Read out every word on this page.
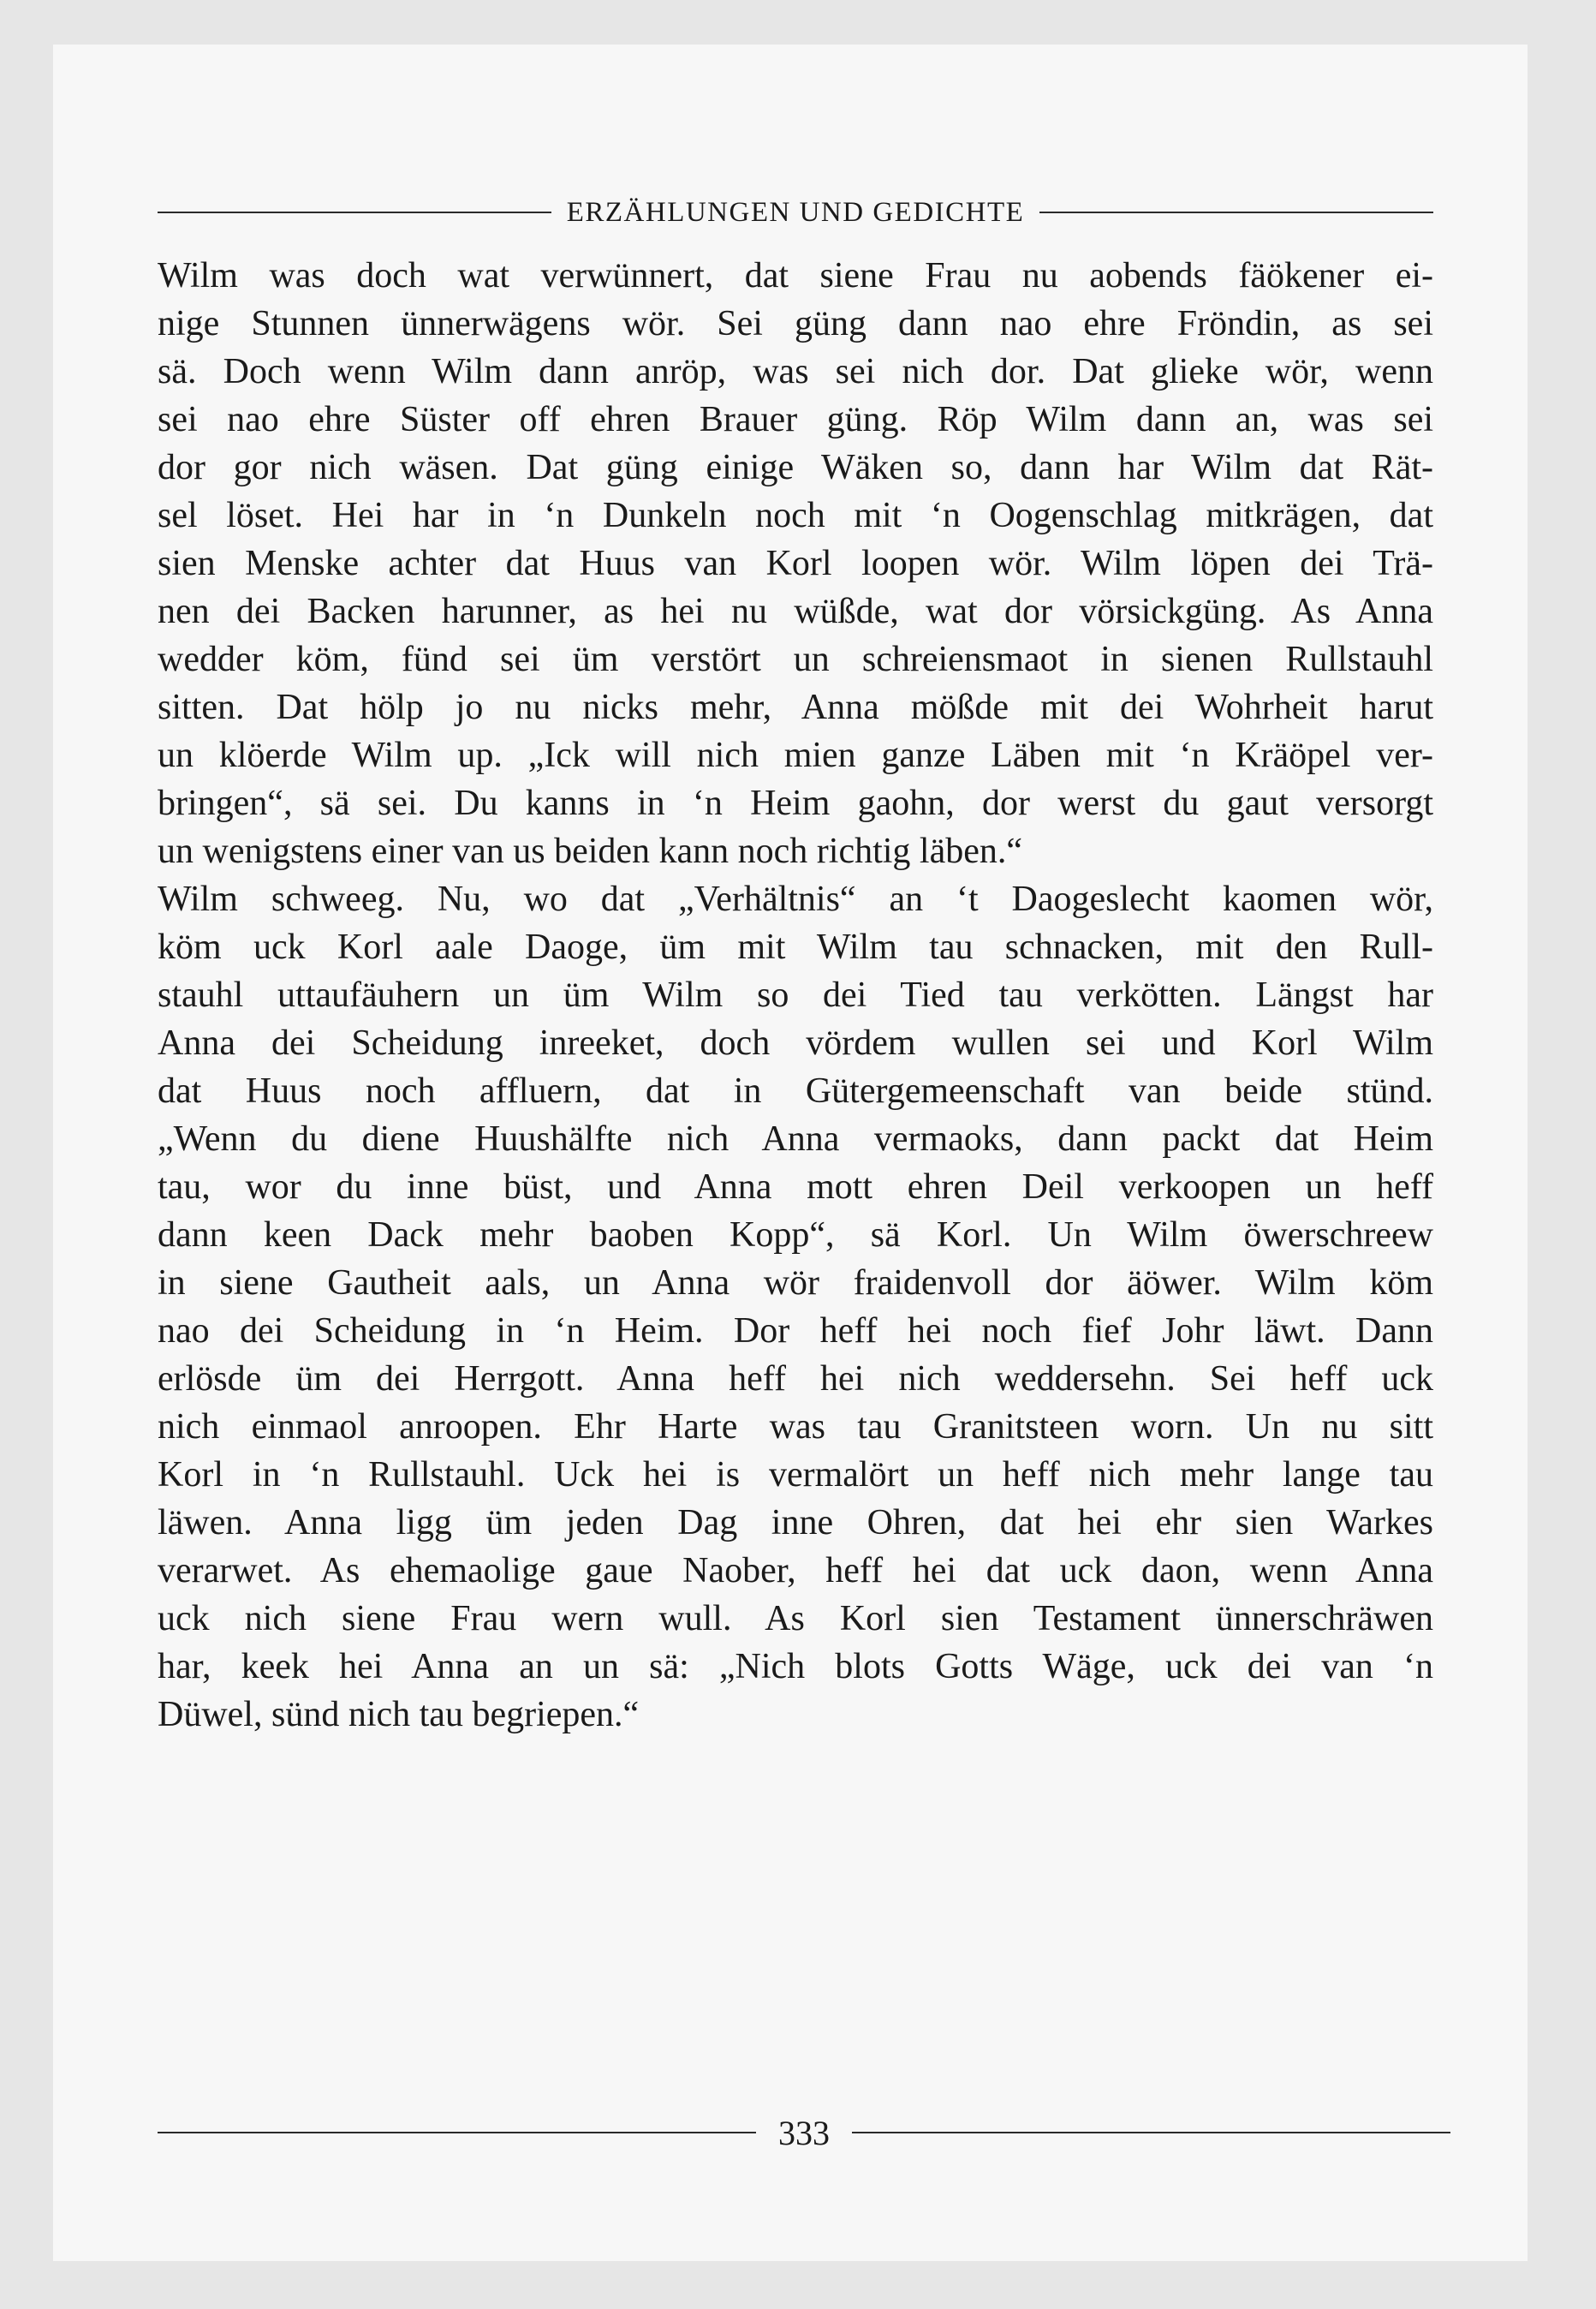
ERZÄHLUNGEN UND GEDICHTE
Wilm was doch wat verwünnert, dat siene Frau nu aobends fäökener ei-
nige Stunnen ünnerwägens wör. Sei güng dann nao ehre Fröndin, as sei
sä. Doch wenn Wilm dann anröp, was sei nich dor. Dat glieke wör, wenn
sei nao ehre Süster off ehren Brauer güng. Röp Wilm dann an, was sei
dor gor nich wäsen. Dat güng einige Wäken so, dann har Wilm dat Rät-
sel löset. Hei har in ‘n Dunkeln noch mit ‘n Oogenschlag mitkrägen, dat
sien Menske achter dat Huus van Korl loopen wör. Wilm löpen dei Trä-
nen dei Backen harunner, as hei nu wüßde, wat dor vörsickgüng. As Anna
wedder köm, fünd sei üm verstört un schreiensmaot in sienen Rullstauhl
sitten. Dat hölp jo nu nicks mehr, Anna mößde mit dei Wohrheit harut
un klöerde Wilm up. „Ick will nich mien ganze Läben mit ‘n Kräöpel ver-
bringen“, sä sei. Du kanns in ‘n Heim gaohn, dor werst du gaut versorgt
un wenigstens einer van us beiden kann noch richtig läben.“
Wilm schweeg. Nu, wo dat „Verhältnis“ an ‘t Daogeslecht kaomen wör,
köm uck Korl aale Daoge, üm mit Wilm tau schnacken, mit den Rull-
stauhl uttaufäuhern un üm Wilm so dei Tied tau verkötten. Längst har
Anna dei Scheidung inreeket, doch vördem wullen sei und Korl Wilm
dat Huus noch affluern, dat in Gütergemeenschaft van beide stünd.
„Wenn du diene Huushälfte nich Anna vermaoks, dann packt dat Heim
tau, wor du inne büst, und Anna mott ehren Deil verkoopen un heff
dann keen Dack mehr baoben Kopp“, sä Korl. Un Wilm öwerschreew
in siene Gautheit aals, un Anna wör fraidenvoll dor äöwer. Wilm köm
nao dei Scheidung in ‘n Heim. Dor heff hei noch fief Johr läwt. Dann
erlösde üm dei Herrgott. Anna heff hei nich weddersehn. Sei heff uck
nich einmaol anroopen. Ehr Harte was tau Granitsteen worn. Un nu sitt
Korl in ‘n Rullstauhl. Uck hei is vermalört un heff nich mehr lange tau
läwen. Anna ligg üm jeden Dag inne Ohren, dat hei ehr sien Warkes
verarwet. As ehemaolige gaue Naober, heff hei dat uck daon, wenn Anna
uck nich siene Frau wern wull. As Korl sien Testament ünnerschräwen
har, keek hei Anna an un sä: „Nich blots Gotts Wäge, uck dei van ‘n
Düwel, sünd nich tau begriepen.“
333
